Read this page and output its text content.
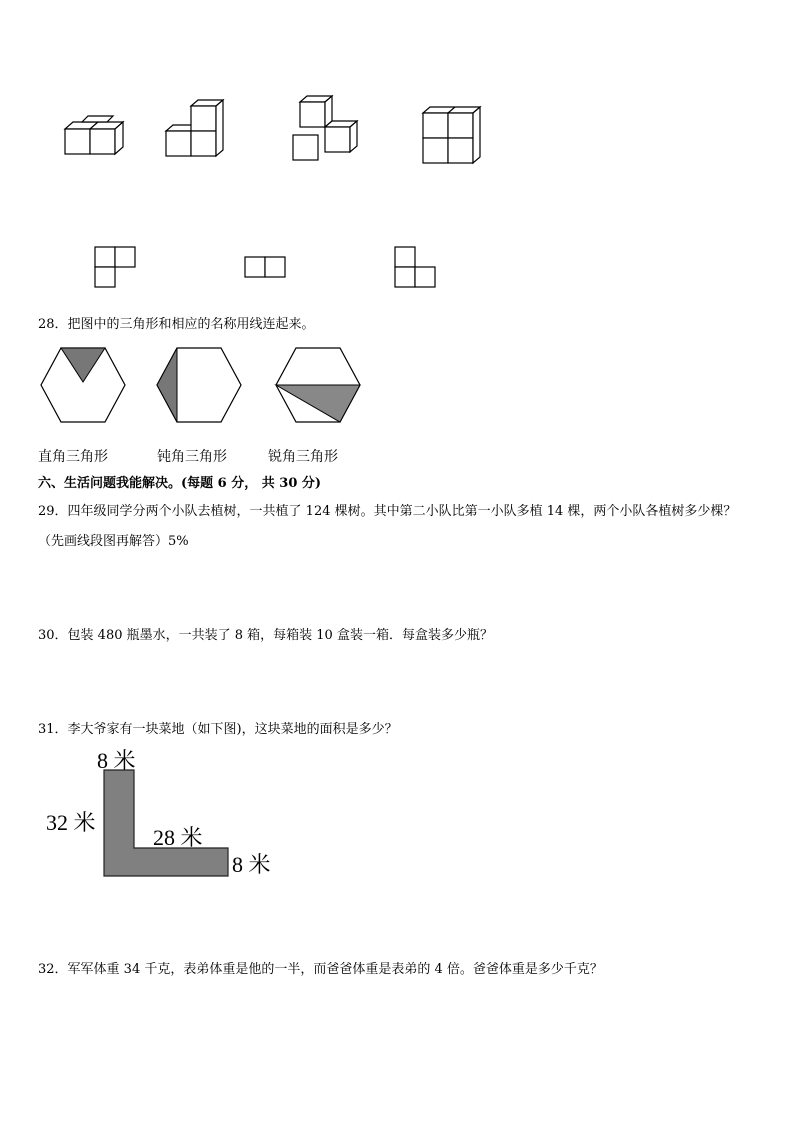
28．把图中的三角形和相应的名称用线连起来。
直角三角形	钝角三角形	锐角三角形
六、生活问题我能解决。(每题 6 分， 共 30 分)
29．四年级同学分两个小队去植树，一共植了 124 棵树。其中第二小队比第一小队多植 14 棵，两个小队各植树多少棵？
（先画线段图再解答）5%
30．包装 480 瓶墨水，一共装了 8 箱，每箱装 10 盒装一箱．每盒装多少瓶？
31．李大爷家有一块菜地（如下图)，这块菜地的面积是多少？
8 米
32 米
28 米
8 米
32．军军体重 34 千克，表弟体重是他的一半，而爸爸体重是表弟的 4 倍。爸爸体重是多少千克？
